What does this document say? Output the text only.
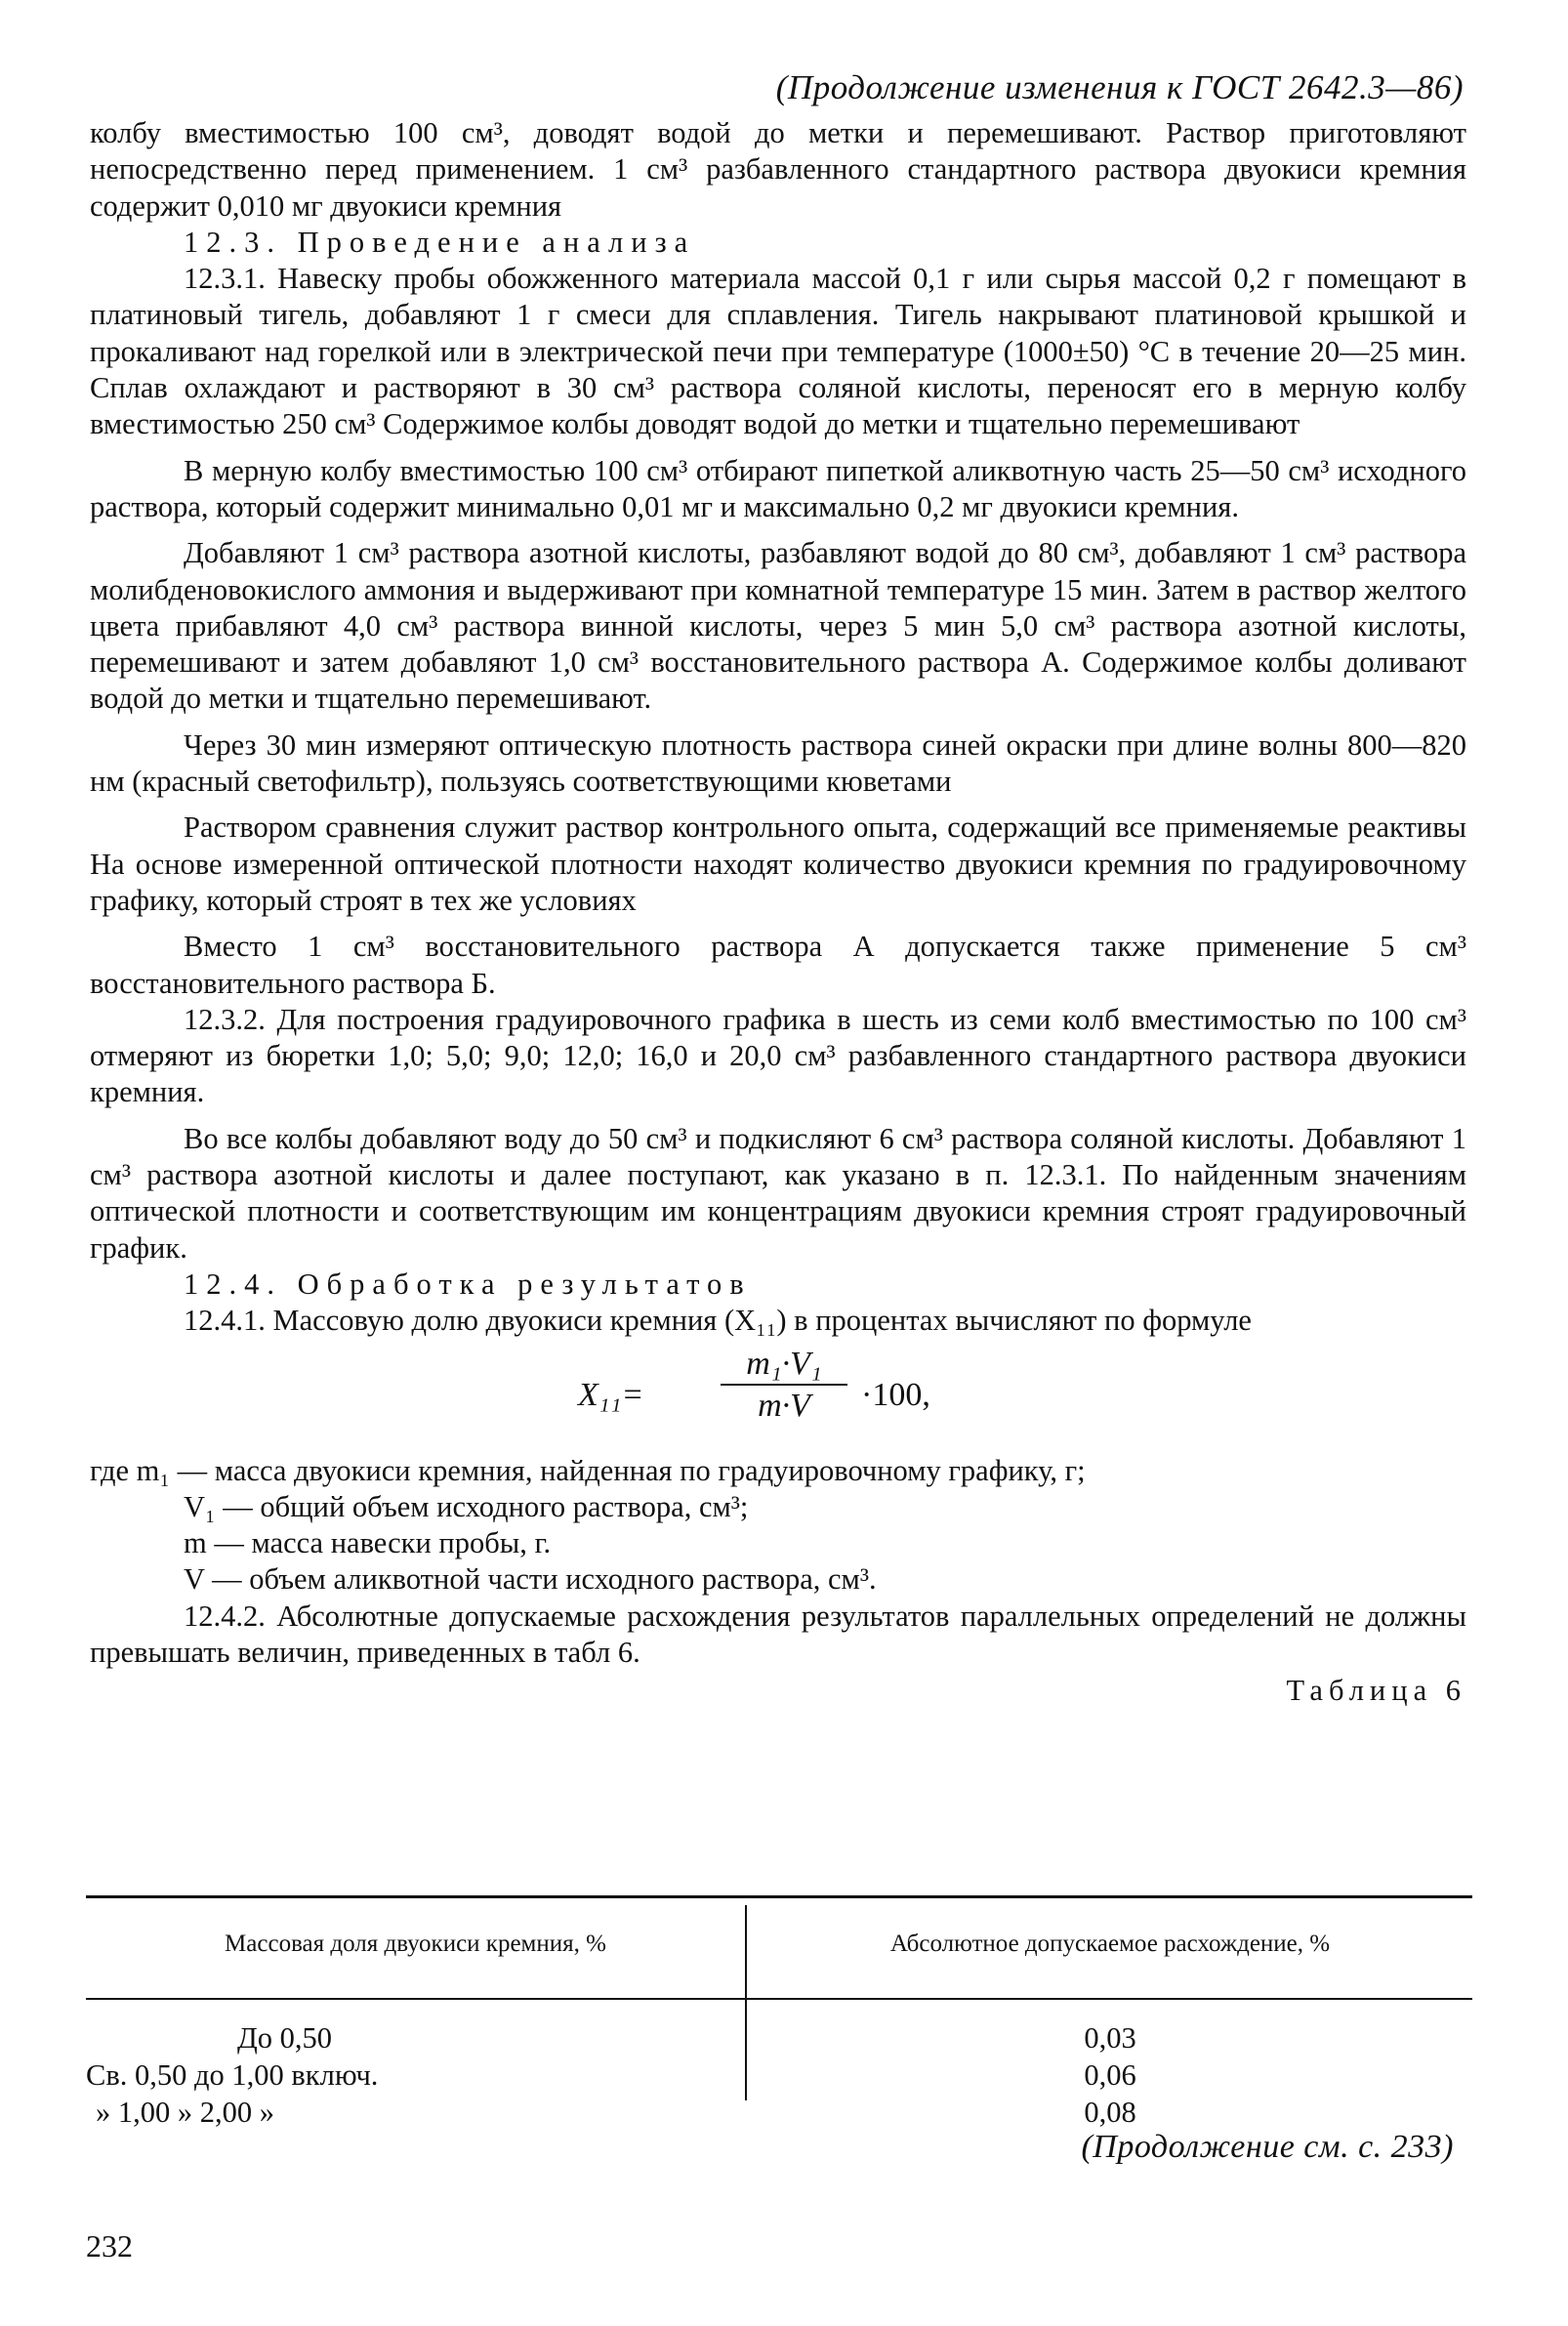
(Продолжение изменения к ГОСТ 2642.3—86)

колбу вместимостью 100 см³, доводят водой до метки и перемешивают. Раствор приготовляют непосредственно перед применением. 1 см³ разбавленного стандартного раствора двуокиси кремния содержит 0,010 мг двуокиси кремния

12.3. Проведение анализа

12.3.1. Навеску пробы обожженного материала массой 0,1 г или сырья массой 0,2 г помещают в платиновый тигель, добавляют 1 г смеси для сплавления. Тигель накрывают платиновой крышкой и прокаливают над горелкой или в электрической печи при температуре (1000±50) °С в течение 20—25 мин. Сплав охлаждают и растворяют в 30 см³ раствора соляной кислоты, переносят его в мерную колбу вместимостью 250 см³ Содержимое колбы доводят водой до метки и тщательно перемешивают

В мерную колбу вместимостью 100 см³ отбирают пипеткой аликвотную часть 25—50 см³ исходного раствора, который содержит минимально 0,01 мг и максимально 0,2 мг двуокиси кремния.

Добавляют 1 см³ раствора азотной кислоты, разбавляют водой до 80 см³, добавляют 1 см³ раствора молибденовокислого аммония и выдерживают при комнатной температуре 15 мин. Затем в раствор желтого цвета прибавляют 4,0 см³ раствора винной кислоты, через 5 мин 5,0 см³ раствора азотной кислоты, перемешивают и затем добавляют 1,0 см³ восстановительного раствора А. Содержимое колбы доливают водой до метки и тщательно перемешивают.

Через 30 мин измеряют оптическую плотность раствора синей окраски при длине волны 800—820 нм (красный светофильтр), пользуясь соответствующими кюветами

Раствором сравнения служит раствор контрольного опыта, содержащий все применяемые реактивы На основе измеренной оптической плотности находят количество двуокиси кремния по градуировочному графику, который строят в тех же условиях

Вместо 1 см³ восстановительного раствора А допускается также применение 5 см³ восстановительного раствора Б.

12.3.2. Для построения градуировочного графика в шесть из семи колб вместимостью по 100 см³ отмеряют из бюретки 1,0; 5,0; 9,0; 12,0; 16,0 и 20,0 см³ разбавленного стандартного раствора двуокиси кремния.

Во все колбы добавляют воду до 50 см³ и подкисляют 6 см³ раствора соляной кислоты. Добавляют 1 см³ раствора азотной кислоты и далее поступают, как указано в п. 12.3.1. По найденным значениям оптической плотности и соответствующим им концентрациям двуокиси кремния строят градуировочный график.

12.4. Обработка результатов

12.4.1. Массовую долю двуокиси кремния (X₁₁) в процентах вычисляют по формуле

$X_{11}= \frac{\text{m₁·V₁}}{m\cdot V} \cdot 100$,

где m₁ — масса двуокиси кремния, найденная по градуировочному графику, г;

V₁ — общий объем исходного раствора, см³;

m — масса навески пробы, г.

V — объем аликвотной части исходного раствора, см³.

12.4.2. Абсолютные допускаемые расхождения результатов параллельных определений не должны превышать величин, приведенных в табл 6.

Таблица 6

Массовая доля двуокиси кремния, %	Абсолютное допускаемое расхождение, %
До 0,50
Св. 0,50 до 1,00 включ.
» 1,00 » 2,00 »
0,03
0,06
0,08
(Продолжение см. с. 233)
232
